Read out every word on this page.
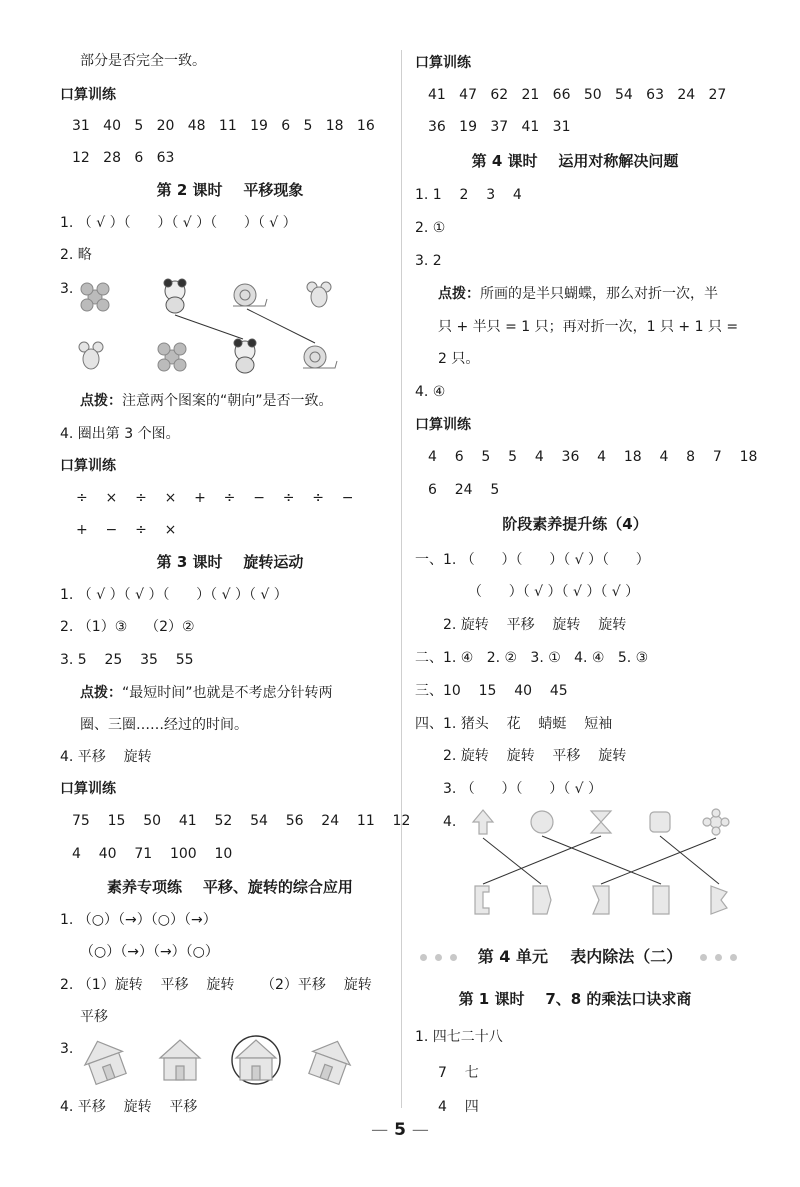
部分是否完全一致。
口算训练
31   40   5   20   48   11   19   6   5   18   16
12   28   6   63
第 2 课时    平移现象
1. （ √ ）（      ）（ √ ）（      ）（ √ ）
2. 略
3.
点拨：注意两个图案的“朝向”是否一致。
4. 圈出第 3 个图。
口算训练
÷    ×    ÷    ×    +    ÷    −    ÷    ÷    −
+    −    ÷    ×
第 3 课时    旋转运动
1. （ √ ）（ √ ）（      ）（ √ ）（ √ ）
2. （1）③    （2）②
3. 5    25    35    55
点拨：“最短时间”也就是不考虑分针转两
圈、三圈……经过的时间。
4. 平移    旋转
口算训练
75    15    50    41    52    54    56    24    11    12
4    40    71    100    10
素养专项练    平移、旋转的综合应用
1. （○）（→）（○）（→）
（○）（→）（→）（○）
2. （1）旋转    平移    旋转      （2）平移    旋转
平移
3.
4. 平移    旋转    平移
口算训练
41   47   62   21   66   50   54   63   24   27
36   19   37   41   31
第 4 课时    运用对称解决问题
1. 1    2    3    4
2. ①
3. 2
点拨：所画的是半只蝴蝶，那么对折一次，半
只 + 半只 = 1 只；再对折一次，1 只 + 1 只 =
2 只。
4. ④
口算训练
4    6    5    5    4    36    4    18    4    8    7    18
6    24    5
阶段素养提升练（4）
一、1. （      ）（      ）（ √ ）（      ）
（      ）（ √ ）（ √ ）（ √ ）
2. 旋转    平移    旋转    旋转
二、1. ④   2. ②   3. ①   4. ④   5. ③
三、10    15    40    45
四、1. 猪头    花    蜻蜓    短袖
2. 旋转    旋转    平移    旋转
3. （      ）（      ）（ √ ）
4.
第 4 单元    表内除法（二）
第 1 课时    7、8 的乘法口诀求商
1. 四七二十八
7    七
4    四
— 5 —
